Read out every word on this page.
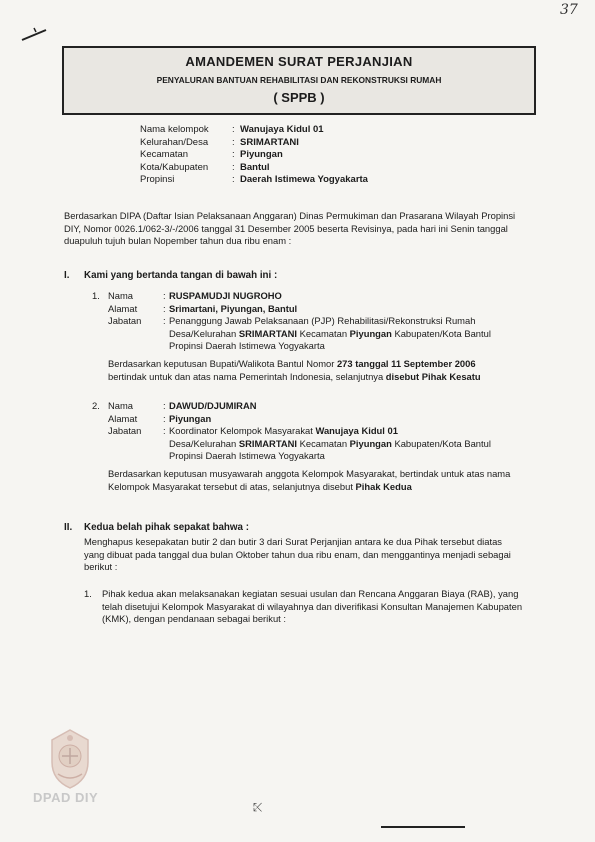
37
AMANDEMEN SURAT PERJANJIAN
PENYALURAN BANTUAN REHABILITASI DAN REKONSTRUKSI RUMAH
( SPPB )
Nama kelompok	: Wanujaya Kidul 01
Kelurahan/Desa	: SRIMARTANI
Kecamatan	: Piyungan
Kota/Kabupaten	: Bantul
Propinsi	: Daerah Istimewa Yogyakarta
Berdasarkan DIPA (Daftar Isian Pelaksanaan Anggaran) Dinas Permukiman dan Prasarana Wilayah Propinsi
DIY, Nomor 0026.1/062-3/-/2006 tanggal 31 Desember 2005 beserta Revisinya, pada hari ini Senin tanggal
duapuluh tujuh bulan Nopember tahun dua ribu enam :
I. Kami yang bertanda tangan di bawah ini :
1. Nama	: RUSPAMUDJI NUGROHO
Alamat	: Srimartani, Piyungan, Bantul
Jabatan	: Penanggung Jawab Pelaksanaan (PJP) Rehabilitasi/Rekonstruksi Rumah
Desa/Kelurahan SRIMARTANI Kecamatan Piyungan Kabupaten/Kota Bantul
Propinsi Daerah Istimewa Yogyakarta
Berdasarkan keputusan Bupati/Walikota Bantul Nomor 273 tanggal 11 September 2006
bertindak untuk dan atas nama Pemerintah Indonesia, selanjutnya disebut Pihak Kesatu
2. Nama	: DAWUD/DJUMIRAN
Alamat	: Piyungan
Jabatan	: Koordinator Kelompok Masyarakat Wanujaya Kidul 01
Desa/Kelurahan SRIMARTANI Kecamatan Piyungan Kabupaten/Kota Bantul
Propinsi Daerah Istimewa Yogyakarta
Berdasarkan keputusan musyawarah anggota Kelompok Masyarakat, bertindak untuk atas nama
Kelompok Masyarakat tersebut di atas, selanjutnya disebut Pihak Kedua
II. Kedua belah pihak sepakat bahwa :
Menghapus kesepakatan butir 2 dan butir 3 dari Surat Perjanjian antara ke dua Pihak tersebut diatas
yang dibuat pada tanggal dua bulan Oktober tahun dua ribu enam, dan menggantinya menjadi sebagai
berikut :
1.	Pihak kedua akan melaksanakan kegiatan sesuai usulan dan Rencana Anggaran Biaya (RAB), yang
telah disetujui Kelompok Masyarakat di wilayahnya dan diverifikasi Konsultan Manajemen Kabupaten
(KMK), dengan pendanaan sebagai berikut :
DPAD DIY
⤪
